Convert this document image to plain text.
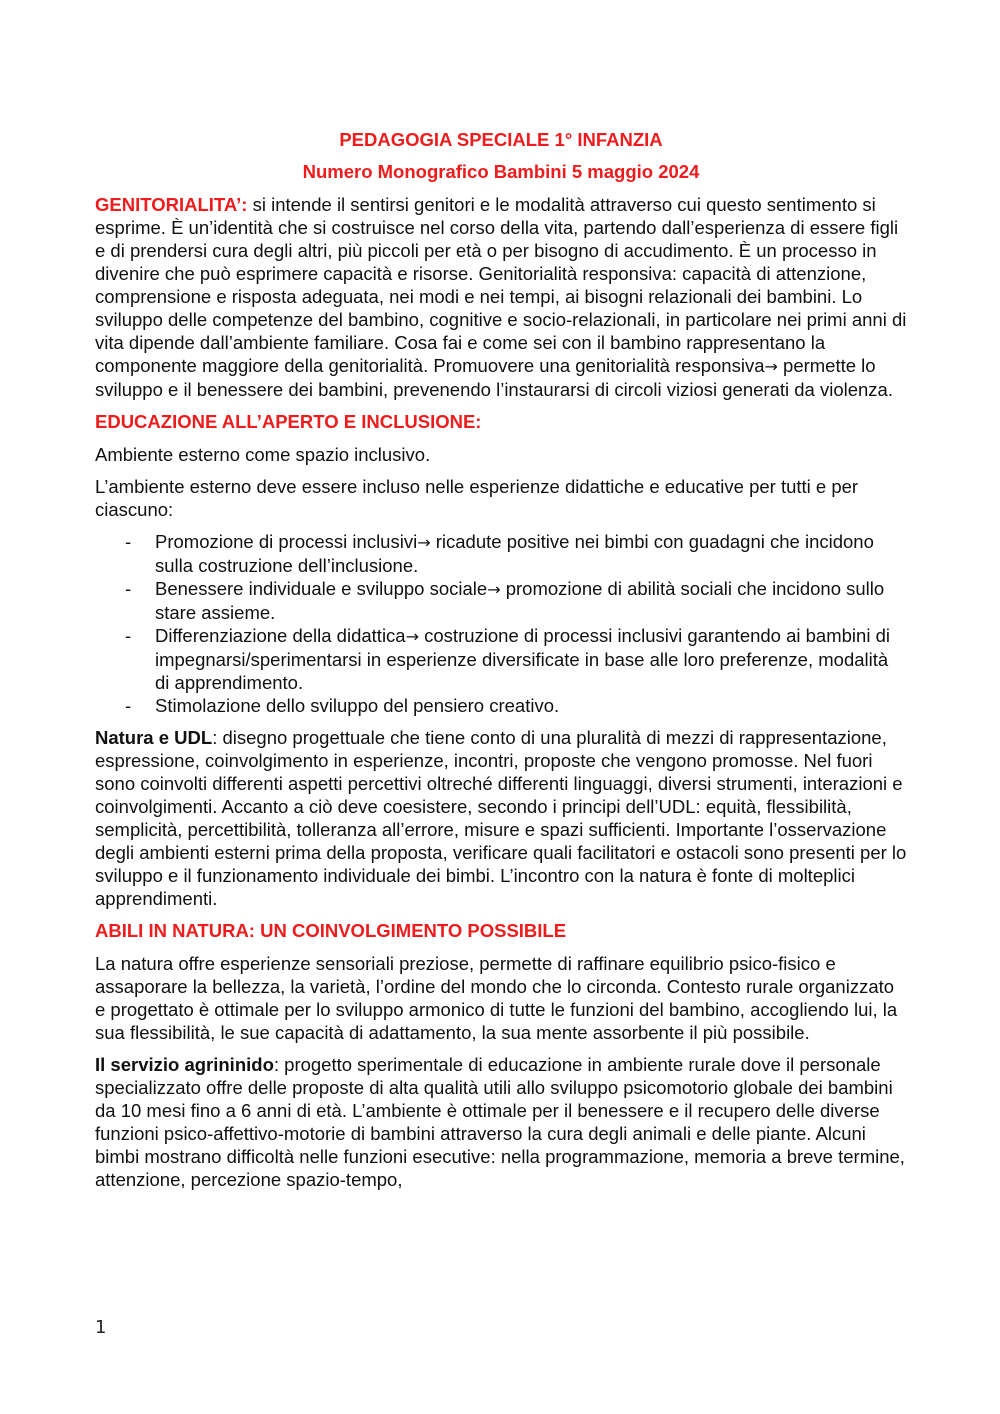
PEDAGOGIA SPECIALE 1° INFANZIA
Numero Monografico Bambini 5 maggio 2024

GENITORIALITA’: si intende il sentirsi genitori e le modalità attraverso cui questo sentimento si esprime. È un’identità che si costruisce nel corso della vita, partendo dall’esperienza di essere figli e di prendersi cura degli altri, più piccoli per età o per bisogno di accudimento. È un processo in divenire che può esprimere capacità e risorse. Genitorialità responsiva: capacità di attenzione, comprensione e risposta adeguata, nei modi e nei tempi, ai bisogni relazionali dei bambini. Lo sviluppo delle competenze del bambino, cognitive e socio-relazionali, in particolare nei primi anni di vita dipende dall’ambiente familiare. Cosa fai e come sei con il bambino rappresentano la componente maggiore della genitorialità. Promuovere una genitorialità responsiva→ permette lo sviluppo e il benessere dei bambini, prevenendo l’instaurarsi di circoli viziosi generati da violenza.

EDUCAZIONE ALL’APERTO E INCLUSIONE:

Ambiente esterno come spazio inclusivo.

L’ambiente esterno deve essere incluso nelle esperienze didattiche e educative per tutti e per ciascuno:

- Promozione di processi inclusivi→ ricadute positive nei bimbi con guadagni che incidono sulla costruzione dell’inclusione.
- Benessere individuale e sviluppo sociale→ promozione di abilità sociali che incidono sullo stare assieme.
- Differenziazione della didattica→ costruzione di processi inclusivi garantendo ai bambini di impegnarsi/sperimentarsi in esperienze diversificate in base alle loro preferenze, modalità di apprendimento.
- Stimolazione dello sviluppo del pensiero creativo.

Natura e UDL: disegno progettuale che tiene conto di una pluralità di mezzi di rappresentazione, espressione, coinvolgimento in esperienze, incontri, proposte che vengono promosse. Nel fuori sono coinvolti differenti aspetti percettivi oltreché differenti linguaggi, diversi strumenti, interazioni e coinvolgimenti. Accanto a ciò deve coesistere, secondo i principi dell’UDL: equità, flessibilità, semplicità, percettibilità, tolleranza all’errore, misure e spazi sufficienti. Importante l’osservazione degli ambienti esterni prima della proposta, verificare quali facilitatori e ostacoli sono presenti per lo sviluppo e il funzionamento individuale dei bimbi. L’incontro con la natura è fonte di molteplici apprendimenti.

ABILI IN NATURA: UN COINVOLGIMENTO POSSIBILE

La natura offre esperienze sensoriali preziose, permette di raffinare equilibrio psico-fisico e assaporare la bellezza, la varietà, l’ordine del mondo che lo circonda. Contesto rurale organizzato e progettato è ottimale per lo sviluppo armonico di tutte le funzioni del bambino, accogliendo lui, la sua flessibilità, le sue capacità di adattamento, la sua mente assorbente il più possibile.

Il servizio agrininido: progetto sperimentale di educazione in ambiente rurale dove il personale specializzato offre delle proposte di alta qualità utili allo sviluppo psicomotorio globale dei bambini da 10 mesi fino a 6 anni di età. L’ambiente è ottimale per il benessere e il recupero delle diverse funzioni psico-affettivo-motorie di bambini attraverso la cura degli animali e delle piante. Alcuni bimbi mostrano difficoltà nelle funzioni esecutive: nella programmazione, memoria a breve termine, attenzione, percezione spazio-tempo,

1
